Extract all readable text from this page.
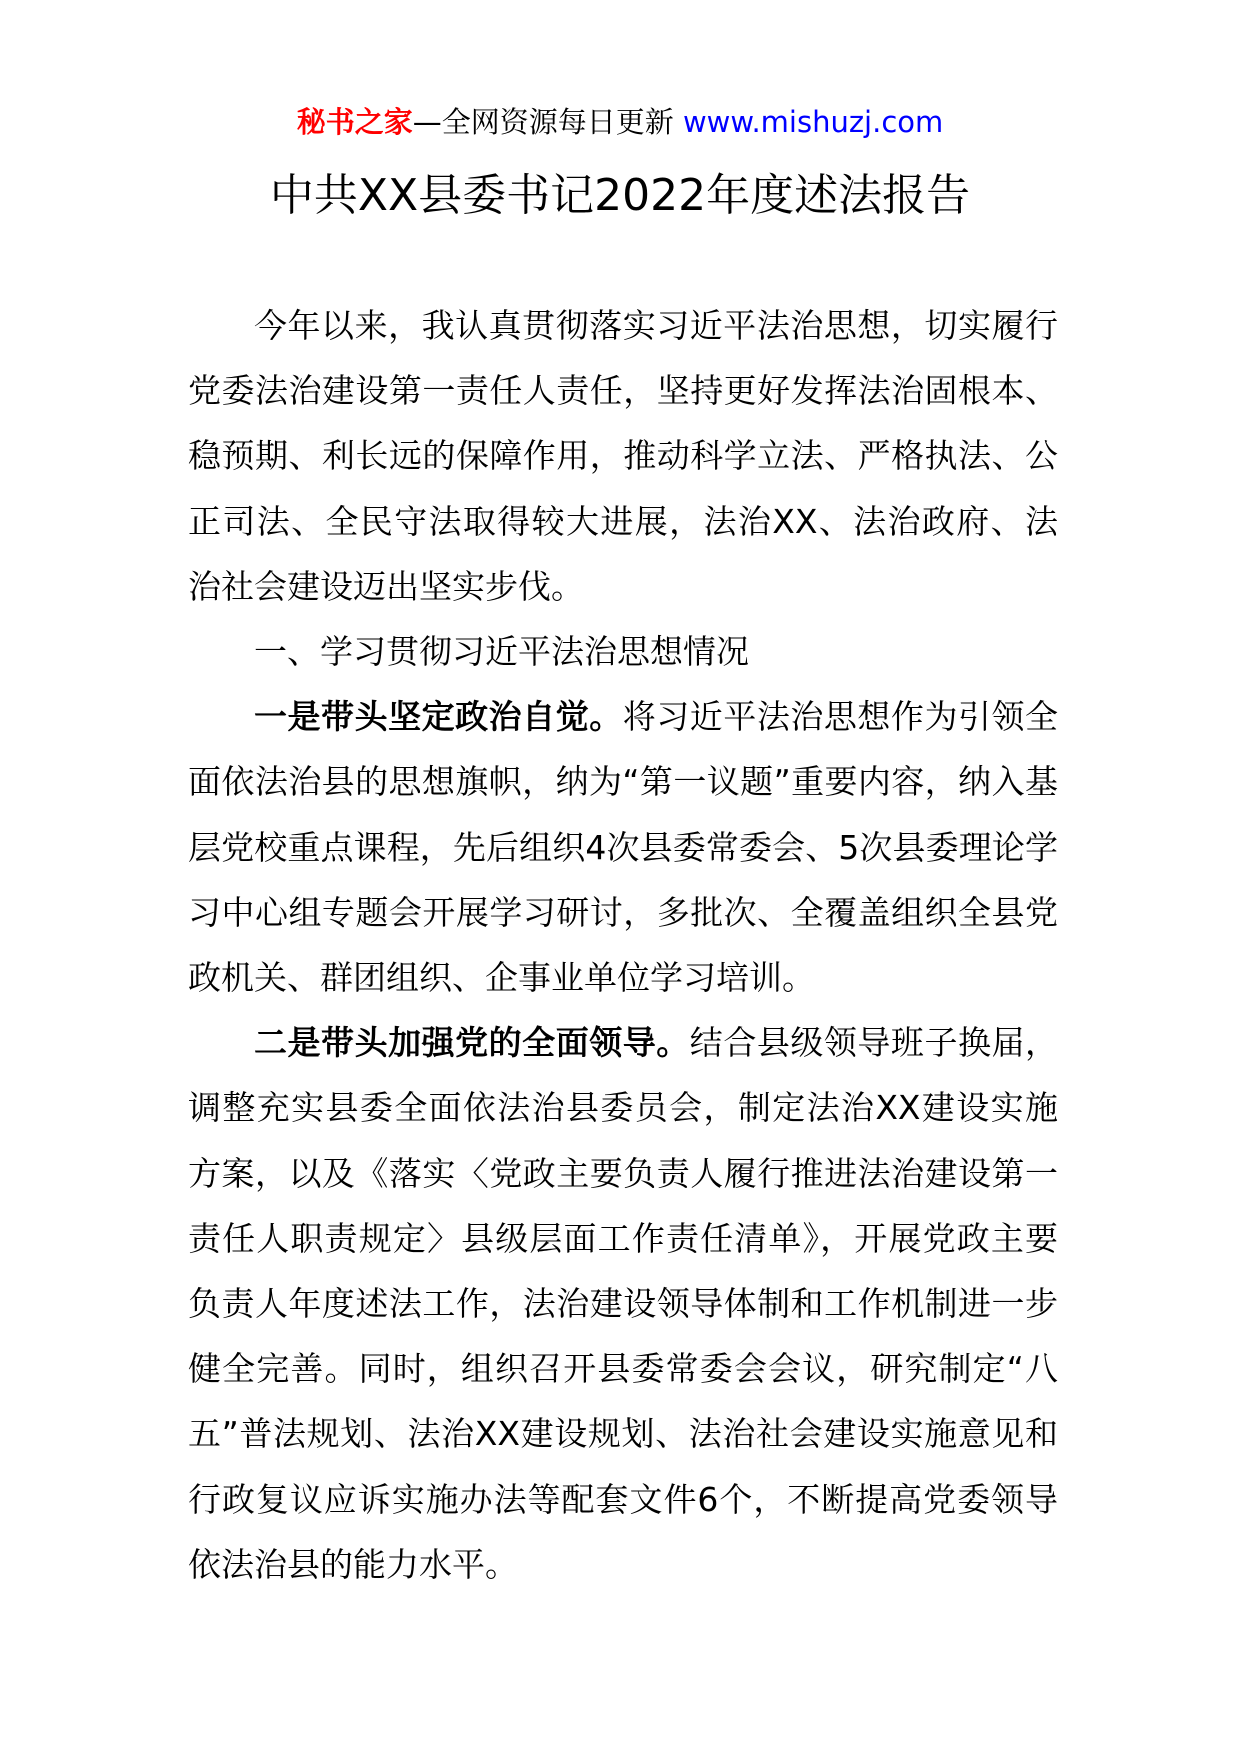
秘书之家—全网资源每日更新 www.mishuzj.com
中共XX县委书记2022年度述法报告

今年以来，我认真贯彻落实习近平法治思想，切实履行党委法治建设第一责任人责任，坚持更好发挥法治固根本、稳预期、利长远的保障作用，推动科学立法、严格执法、公正司法、全民守法取得较大进展，法治XX、法治政府、法治社会建设迈出坚实步伐。

一、学习贯彻习近平法治思想情况

一是带头坚定政治自觉。将习近平法治思想作为引领全面依法治县的思想旗帜，纳为“第一议题”重要内容，纳入基层党校重点课程，先后组织4次县委常委会、5次县委理论学习中心组专题会开展学习研讨，多批次、全覆盖组织全县党政机关、群团组织、企事业单位学习培训。

二是带头加强党的全面领导。结合县级领导班子换届，调整充实县委全面依法治县委员会，制定法治XX建设实施方案，以及《落实〈党政主要负责人履行推进法治建设第一责任人职责规定〉县级层面工作责任清单》，开展党政主要负责人年度述法工作，法治建设领导体制和工作机制进一步健全完善。同时，组织召开县委常委会会议，研究制定“八五”普法规划、法治XX建设规划、法治社会建设实施意见和行政复议应诉实施办法等配套文件6个，不断提高党委领导依法治县的能力水平。
